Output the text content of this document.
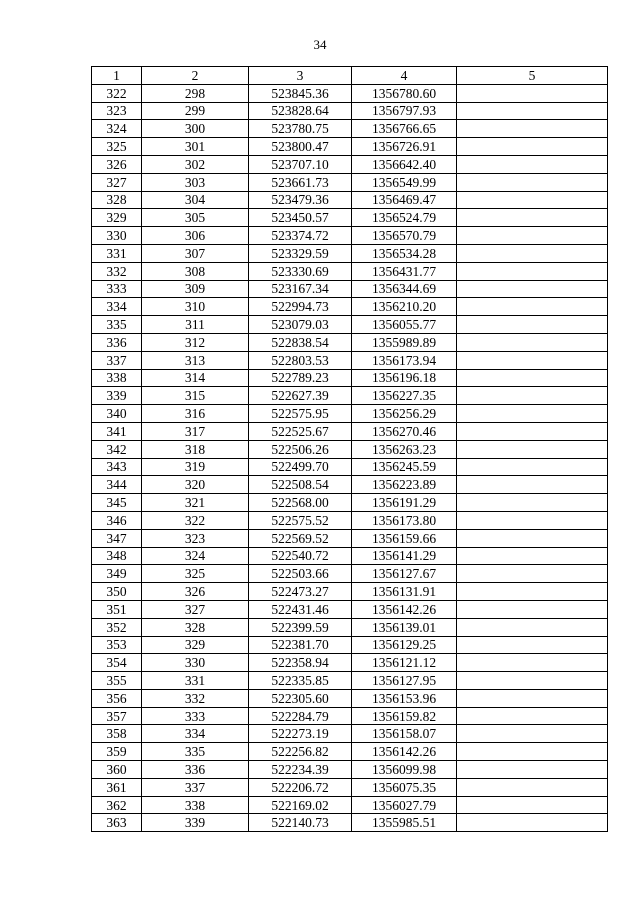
34
1	2	3	4	5
322	298	523845.36	1356780.60	
323	299	523828.64	1356797.93	
324	300	523780.75	1356766.65	
325	301	523800.47	1356726.91	
326	302	523707.10	1356642.40	
327	303	523661.73	1356549.99	
328	304	523479.36	1356469.47	
329	305	523450.57	1356524.79	
330	306	523374.72	1356570.79	
331	307	523329.59	1356534.28	
332	308	523330.69	1356431.77	
333	309	523167.34	1356344.69	
334	310	522994.73	1356210.20	
335	311	523079.03	1356055.77	
336	312	522838.54	1355989.89	
337	313	522803.53	1356173.94	
338	314	522789.23	1356196.18	
339	315	522627.39	1356227.35	
340	316	522575.95	1356256.29	
341	317	522525.67	1356270.46	
342	318	522506.26	1356263.23	
343	319	522499.70	1356245.59	
344	320	522508.54	1356223.89	
345	321	522568.00	1356191.29	
346	322	522575.52	1356173.80	
347	323	522569.52	1356159.66	
348	324	522540.72	1356141.29	
349	325	522503.66	1356127.67	
350	326	522473.27	1356131.91	
351	327	522431.46	1356142.26	
352	328	522399.59	1356139.01	
353	329	522381.70	1356129.25	
354	330	522358.94	1356121.12	
355	331	522335.85	1356127.95	
356	332	522305.60	1356153.96	
357	333	522284.79	1356159.82	
358	334	522273.19	1356158.07	
359	335	522256.82	1356142.26	
360	336	522234.39	1356099.98	
361	337	522206.72	1356075.35	
362	338	522169.02	1356027.79	
363	339	522140.73	1355985.51	
